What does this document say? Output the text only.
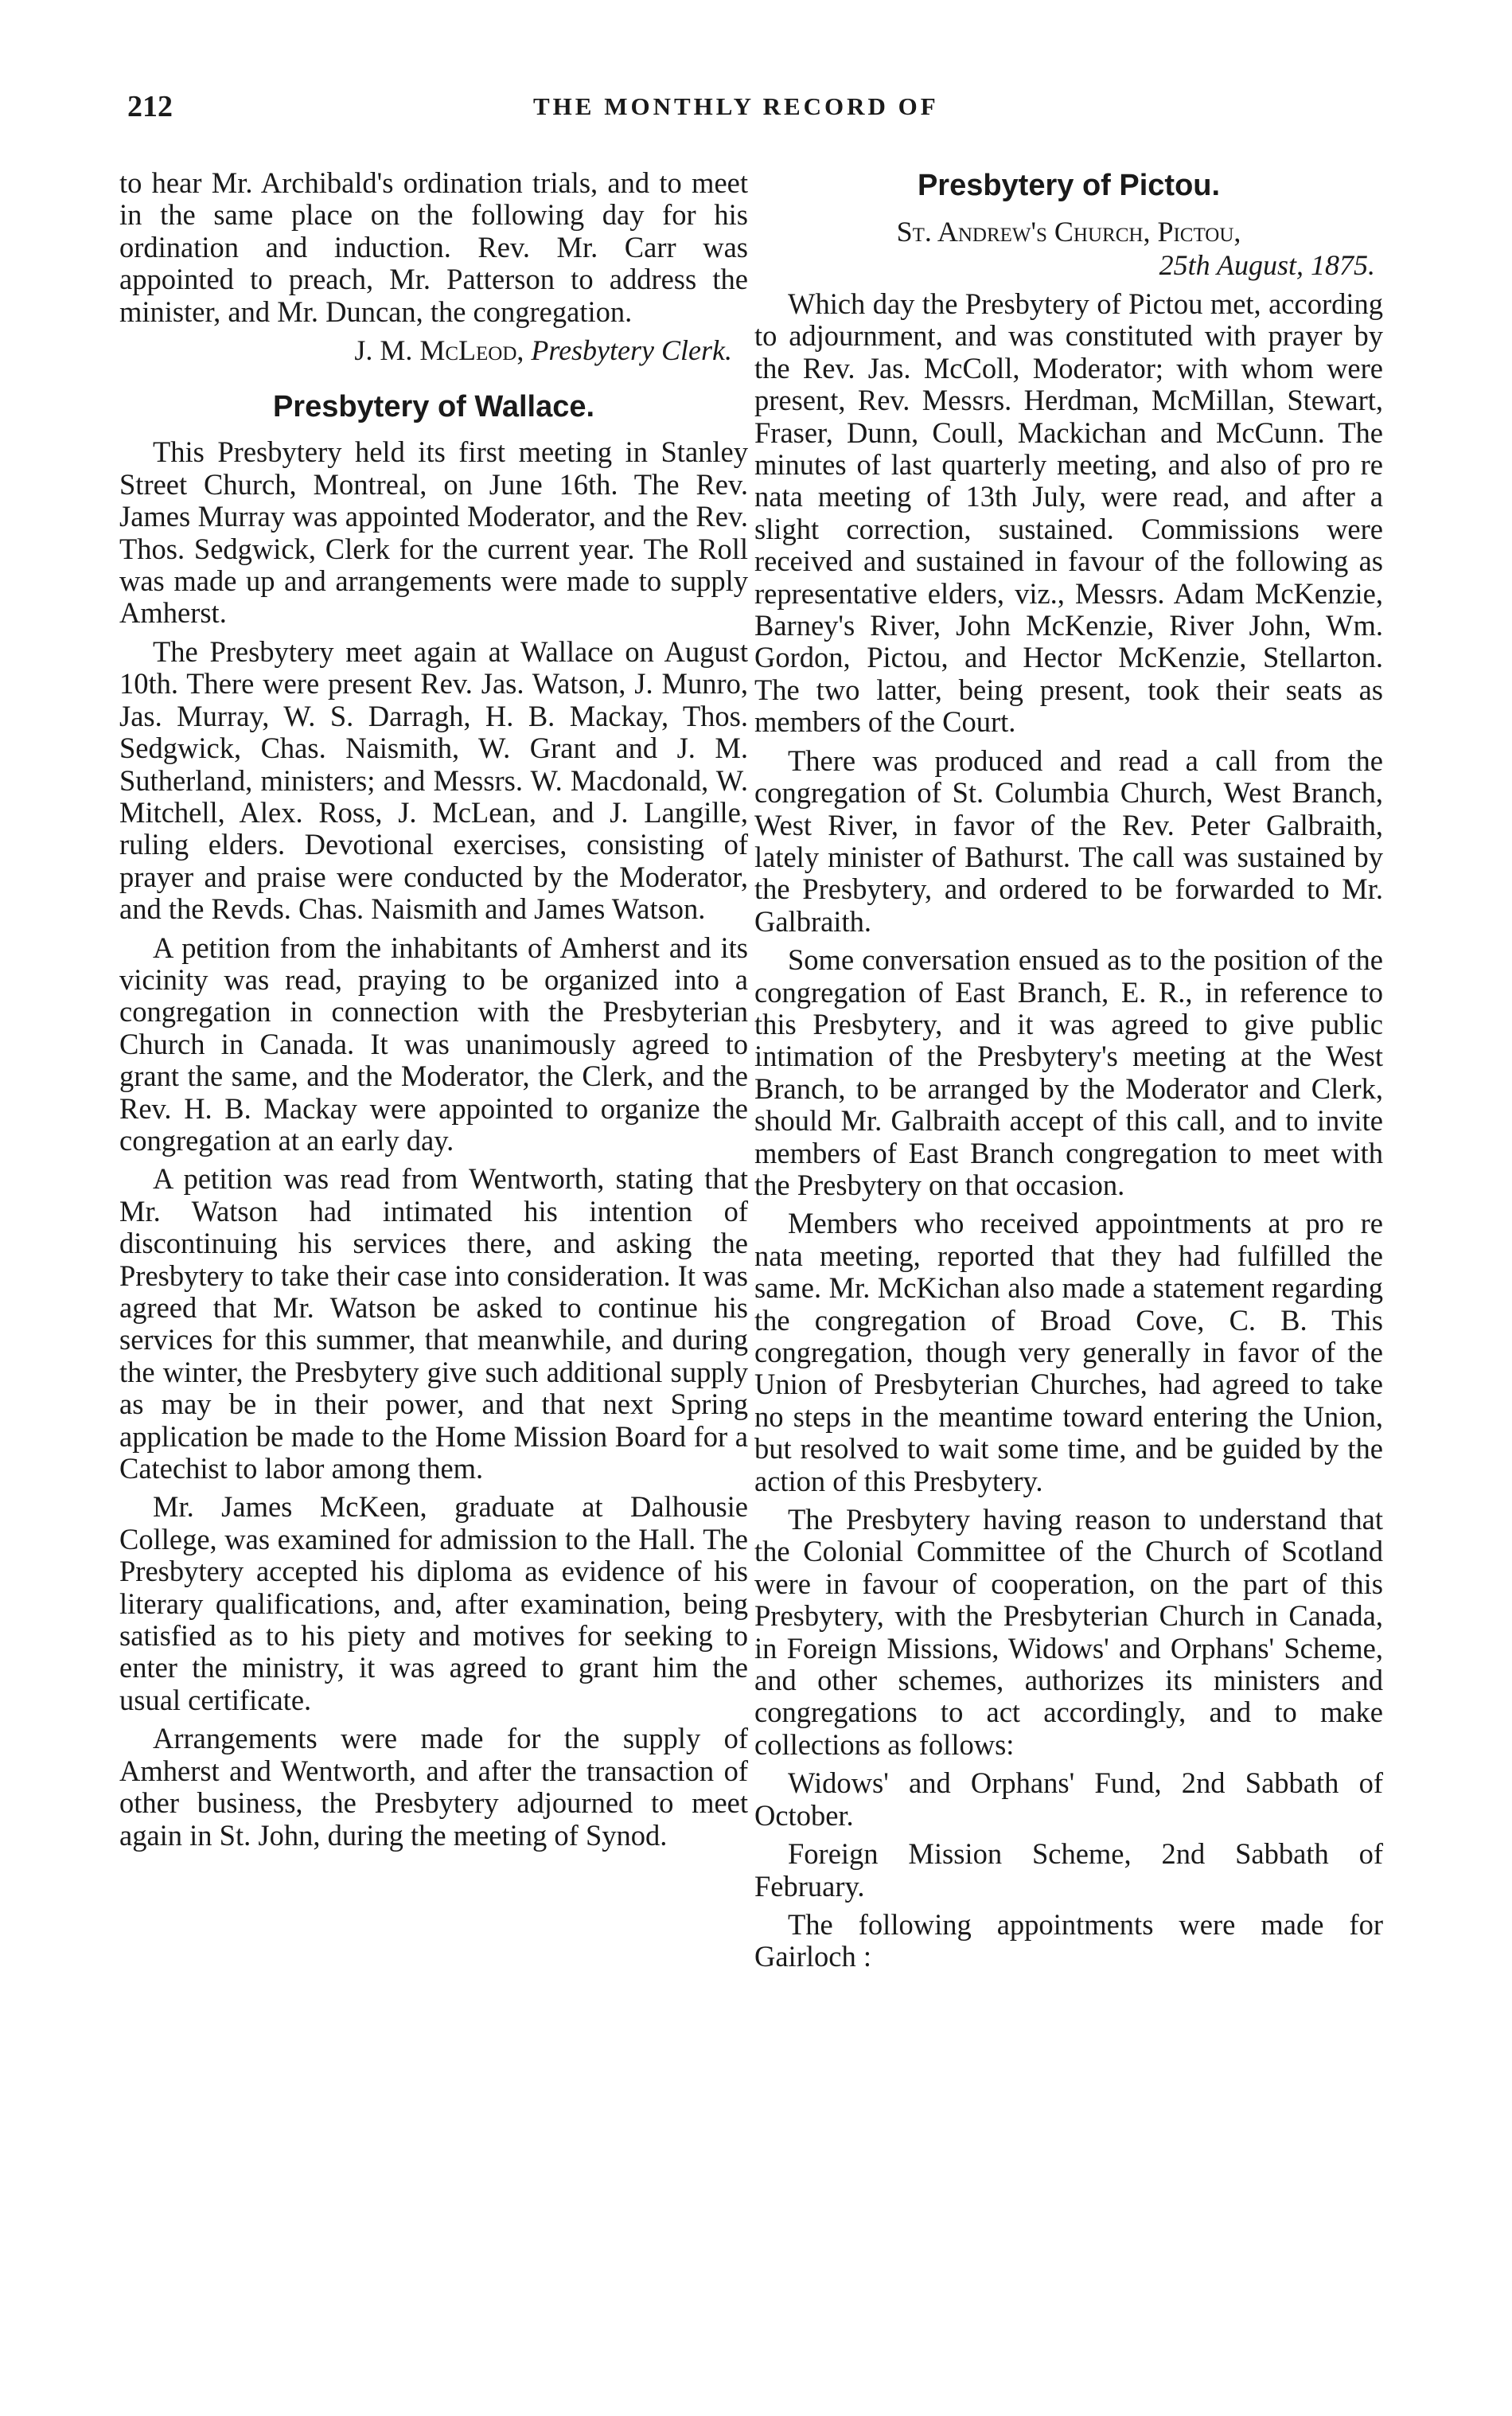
212	THE MONTHLY RECORD OF

to hear Mr. Archibald's ordination trials, and to meet in the same place on the following day for his ordination and induction. Rev. Mr. Carr was appointed to preach, Mr. Patterson to address the minister, and Mr. Duncan, the congregation.

J. M. McLeod, Presbytery Clerk.
Presbytery of Wallace.

This Presbytery held its first meeting in Stanley Street Church, Montreal, on June 16th. The Rev. James Murray was appointed Moderator, and the Rev. Thos. Sedgwick, Clerk for the current year. The Roll was made up and arrangements were made to supply Amherst.

The Presbytery meet again at Wallace on August 10th. There were present Rev. Jas. Watson, J. Munro, Jas. Murray, W. S. Darragh, H. B. Mackay, Thos. Sedgwick, Chas. Naismith, W. Grant and J. M. Sutherland, ministers; and Messrs. W. Macdonald, W. Mitchell, Alex. Ross, J. McLean, and J. Langille, ruling elders. Devotional exercises, consisting of prayer and praise were conducted by the Moderator, and the Revds. Chas. Naismith and James Watson.

A petition from the inhabitants of Amherst and its vicinity was read, praying to be organized into a congregation in connection with the Presbyterian Church in Canada. It was unanimously agreed to grant the same, and the Moderator, the Clerk, and the Rev. H. B. Mackay were appointed to organize the congregation at an early day.

A petition was read from Wentworth, stating that Mr. Watson had intimated his intention of discontinuing his services there, and asking the Presbytery to take their case into consideration. It was agreed that Mr. Watson be asked to continue his services for this summer, that meanwhile, and during the winter, the Presbytery give such additional supply as may be in their power, and that next Spring application be made to the Home Mission Board for a Catechist to labor among them.

Mr. James McKeen, graduate at Dalhousie College, was examined for admission to the Hall. The Presbytery accepted his diploma as evidence of his literary qualifications, and, after examination, being satisfied as to his piety and motives for seeking to enter the ministry, it was agreed to grant him the usual certificate.

Arrangements were made for the supply of Amherst and Wentworth, and after the transaction of other business, the Presbytery adjourned to meet again in St. John, during the meeting of Synod.

Presbytery of Pictou.
St. Andrew's Church, Pictou,
25th August, 1875.

Which day the Presbytery of Pictou met, according to adjournment, and was constituted with prayer by the Rev. Jas. McColl, Moderator; with whom were present, Rev. Messrs. Herdman, McMillan, Stewart, Fraser, Dunn, Coull, Mackichan and McCunn. The minutes of last quarterly meeting, and also of pro re nata meeting of 13th July, were read, and after a slight correction, sustained. Commissions were received and sustained in favour of the following as representative elders, viz., Messrs. Adam McKenzie, Barney's River, John McKenzie, River John, Wm. Gordon, Pictou, and Hector McKenzie, Stellarton. The two latter, being present, took their seats as members of the Court.

There was produced and read a call from the congregation of St. Columbia Church, West Branch, West River, in favor of the Rev. Peter Galbraith, lately minister of Bathurst. The call was sustained by the Presbytery, and ordered to be forwarded to Mr. Galbraith.

Some conversation ensued as to the position of the congregation of East Branch, E. R., in reference to this Presbytery, and it was agreed to give public intimation of the Presbytery's meeting at the West Branch, to be arranged by the Moderator and Clerk, should Mr. Galbraith accept of this call, and to invite members of East Branch congregation to meet with the Presbytery on that occasion.

Members who received appointments at pro re nata meeting, reported that they had fulfilled the same. Mr. McKichan also made a statement regarding the congregation of Broad Cove, C. B. This congregation, though very generally in favor of the Union of Presbyterian Churches, had agreed to take no steps in the meantime toward entering the Union, but resolved to wait some time, and be guided by the action of this Presbytery.

The Presbytery having reason to understand that the Colonial Committee of the Church of Scotland were in favour of cooperation, on the part of this Presbytery, with the Presbyterian Church in Canada, in Foreign Missions, Widows' and Orphans' Scheme, and other schemes, authorizes its ministers and congregations to act accordingly, and to make collections as follows:

Widows' and Orphans' Fund, 2nd Sabbath of October.

Foreign Mission Scheme, 2nd Sabbath of February.

The following appointments were made for Gairloch :
